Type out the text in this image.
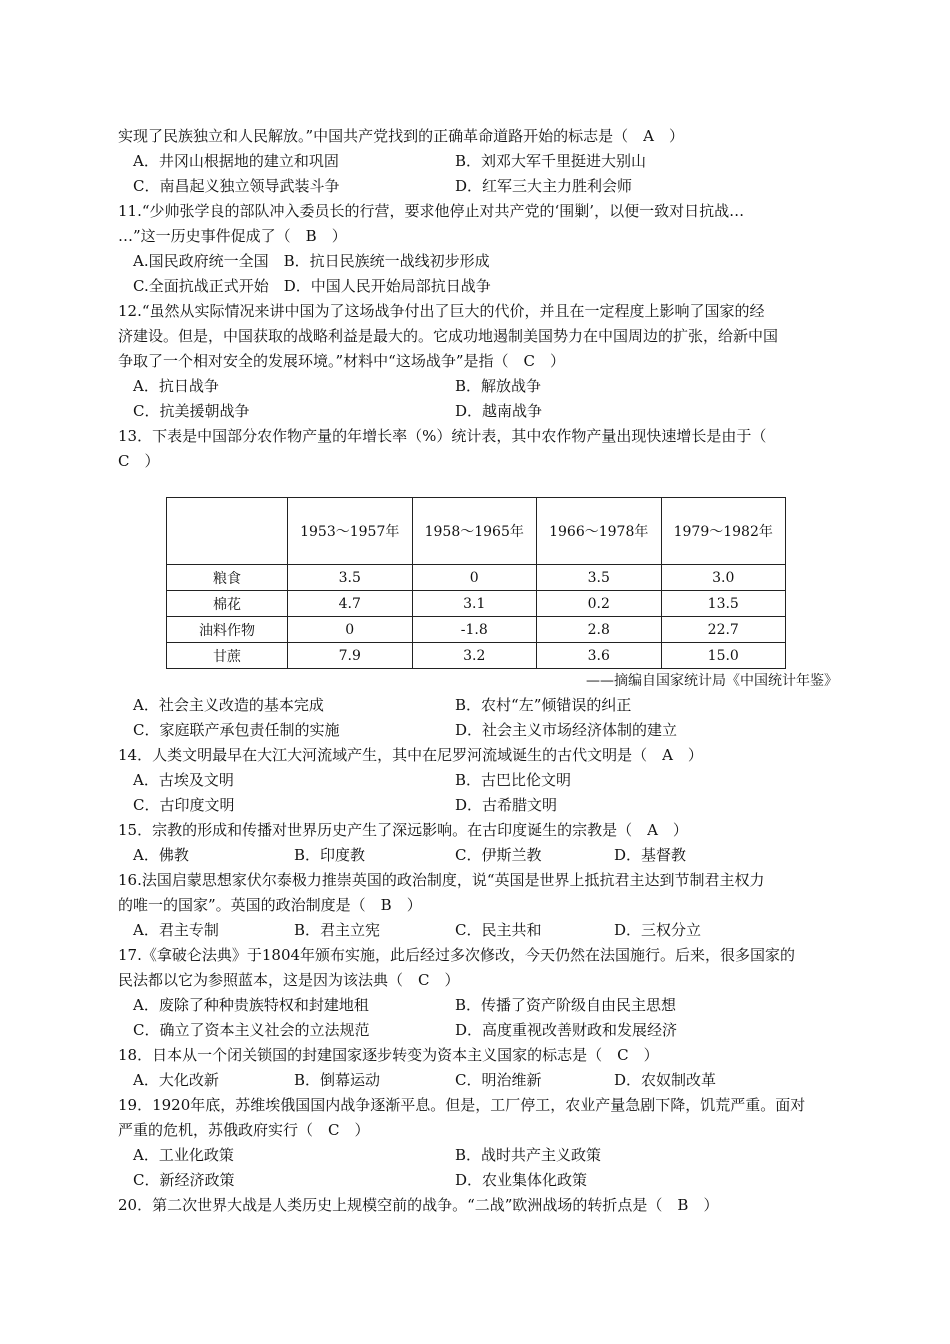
实现了民族独立和人民解放。”中国共产党找到的正确革命道路开始的标志是（　A　）
A．井冈山根据地的建立和巩固	B．刘邓大军千里挺进大别山
C．南昌起义独立领导武装斗争	D．红军三大主力胜利会师
11.“少帅张学良的部队冲入委员长的行营，要求他停止对共产党的‘围剿’，以便一致对日抗战…
…”这一历史事件促成了（　B　）
A.国民政府统一全国　B．抗日民族统一战线初步形成
C.全面抗战正式开始　D．中国人民开始局部抗日战争
12.“虽然从实际情况来讲中国为了这场战争付出了巨大的代价，并且在一定程度上影响了国家的经
济建设。但是，中国获取的战略利益是最大的。它成功地遏制美国势力在中国周边的扩张，给新中国
争取了一个相对安全的发展环境。”材料中“这场战争”是指（　C　）
A．抗日战争	B．解放战争
C．抗美援朝战争	D．越南战争
13．下表是中国部分农作物产量的年增长率（%）统计表，其中农作物产量出现快速增长是由于（
C　）
	1953～1957年	1958～1965年	1966～1978年	1979～1982年
粮食	3.5	0	3.5	3.0
棉花	4.7	3.1	0.2	13.5
油料作物	0	-1.8	2.8	22.7
甘蔗	7.9	3.2	3.6	15.0
——摘编自国家统计局《中国统计年鉴》
A．社会主义改造的基本完成	B．农村“左”倾错误的纠正
C．家庭联产承包责任制的实施	D．社会主义市场经济体制的建立
14．人类文明最早在大江大河流域产生，其中在尼罗河流域诞生的古代文明是（　A　）
A．古埃及文明	B．古巴比伦文明
C．古印度文明	D．古希腊文明
15．宗教的形成和传播对世界历史产生了深远影响。在古印度诞生的宗教是（　A　）
A．佛教	B．印度教	C．伊斯兰教	D．基督教
16.法国启蒙思想家伏尔泰极力推崇英国的政治制度，说“英国是世界上抵抗君主达到节制君主权力
的唯一的国家”。英国的政治制度是（　B　）
A．君主专制	B．君主立宪	C．民主共和	D．三权分立
17.《拿破仑法典》于1804年颁布实施，此后经过多次修改，今天仍然在法国施行。后来，很多国家的
民法都以它为参照蓝本，这是因为该法典（　C　）
A．废除了种种贵族特权和封建地租	B．传播了资产阶级自由民主思想
C．确立了资本主义社会的立法规范	D．高度重视改善财政和发展经济
18．日本从一个闭关锁国的封建国家逐步转变为资本主义国家的标志是（　C　）
A．大化改新	B．倒幕运动	C．明治维新	D．农奴制改革
19．1920年底，苏维埃俄国国内战争逐渐平息。但是，工厂停工，农业产量急剧下降，饥荒严重。面对
严重的危机，苏俄政府实行（　C　）
A．工业化政策	B．战时共产主义政策
C．新经济政策	D．农业集体化政策
20．第二次世界大战是人类历史上规模空前的战争。“二战”欧洲战场的转折点是（　B　）
